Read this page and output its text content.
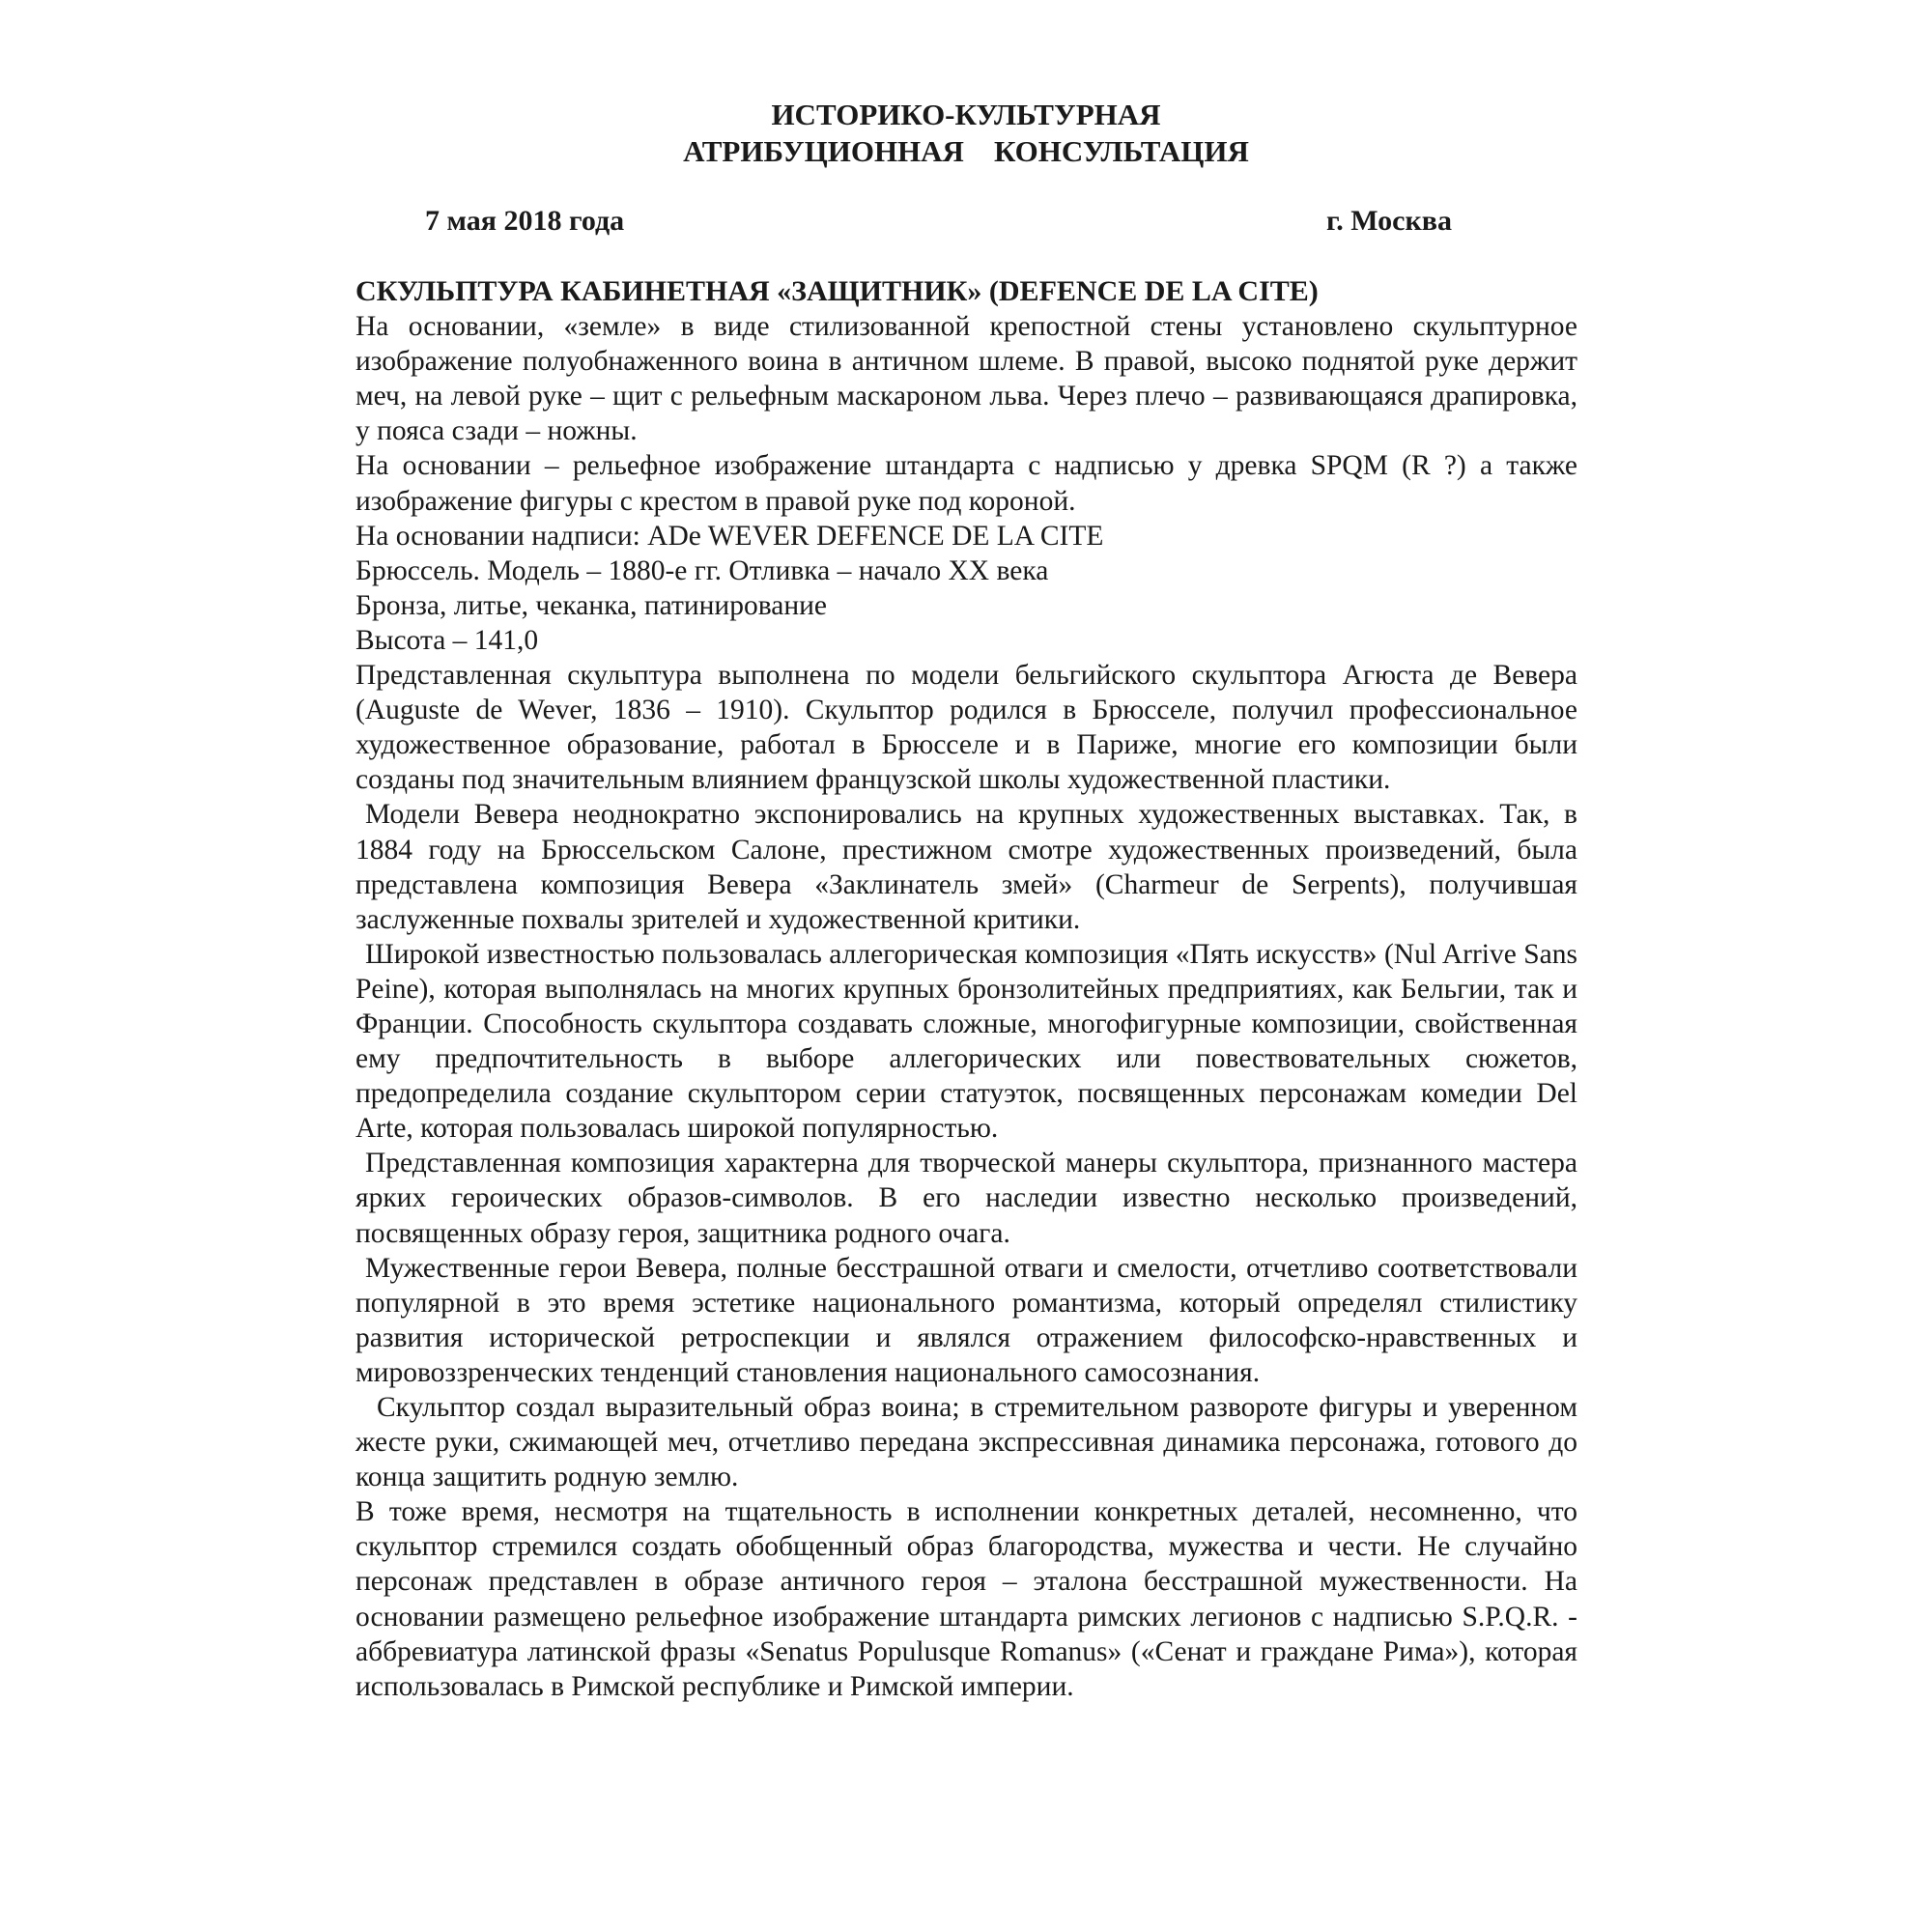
ИСТОРИКО-КУЛЬТУРНАЯ
АТРИБУЦИОННАЯ    КОНСУЛЬТАЦИЯ
7 мая 2018 года	г. Москва

СКУЛЬПТУРА КАБИНЕТНАЯ «ЗАЩИТНИК» (DEFENCE DE LA CITE)

На основании, «земле» в виде стилизованной крепостной стены установлено скульптурное изображение полуобнаженного воина в античном шлеме. В правой, высоко поднятой руке держит меч, на левой руке – щит с рельефным маскароном льва. Через плечо – развивающаяся драпировка, у пояса сзади – ножны.

На основании – рельефное изображение штандарта с надписью у древка SPQM (R ?) а также изображение фигуры с крестом в правой руке под короной.

На основании надписи: ADe WEVER DEFENCE DE LA CITE

Брюссель. Модель – 1880-е гг. Отливка – начало XX века

Бронза, литье, чеканка, патинирование

Высота – 141,0

Представленная скульптура выполнена по модели бельгийского скульптора Агюста де Вевера (Auguste de Wever, 1836 – 1910). Скульптор родился в Брюсселе, получил профессиональное художественное образование, работал в Брюсселе и в Париже, многие его композиции были созданы под значительным влиянием французской школы художественной пластики.

Модели Вевера неоднократно экспонировались на крупных художественных выставках. Так, в 1884 году на Брюссельском Салоне, престижном смотре художественных произведений, была представлена композиция Вевера «Заклинатель змей» (Charmeur de Serpents), получившая заслуженные похвалы зрителей и художественной критики.

Широкой известностью пользовалась аллегорическая композиция «Пять искусств» (Nul Arrive Sans Peine), которая выполнялась на многих крупных бронзолитейных предприятиях, как Бельгии, так и Франции. Способность скульптора создавать сложные, многофигурные композиции, свойственная ему предпочтительность в выборе аллегорических или повествовательных сюжетов, предопределила создание скульптором серии статуэток, посвященных персонажам комедии Del Arte, которая пользовалась широкой популярностью.

Представленная композиция характерна для творческой манеры скульптора, признанного мастера ярких героических образов-символов. В его наследии известно несколько произведений, посвященных образу героя, защитника родного очага.

Мужественные герои Вевера, полные бесстрашной отваги и смелости, отчетливо соответствовали популярной в это время эстетике национального романтизма, который определял стилистику развития исторической ретроспекции и являлся отражением философско-нравственных и мировоззренческих тенденций становления национального самосознания.

Скульптор создал выразительный образ воина; в стремительном развороте фигуры и уверенном жесте руки, сжимающей меч, отчетливо передана экспрессивная динамика персонажа, готового до конца защитить родную землю.

В тоже время, несмотря на тщательность в исполнении конкретных деталей, несомненно, что скульптор стремился создать обобщенный образ благородства, мужества и чести. Не случайно персонаж представлен в образе античного героя – эталона бесстрашной мужественности. На основании размещено рельефное изображение штандарта римских легионов с надписью S.P.Q.R. - аббревиатура латинской фразы «Senatus Populusque Romanus» («Сенат и граждане Рима»), которая использовалась в Римской республике и Римской империи.
